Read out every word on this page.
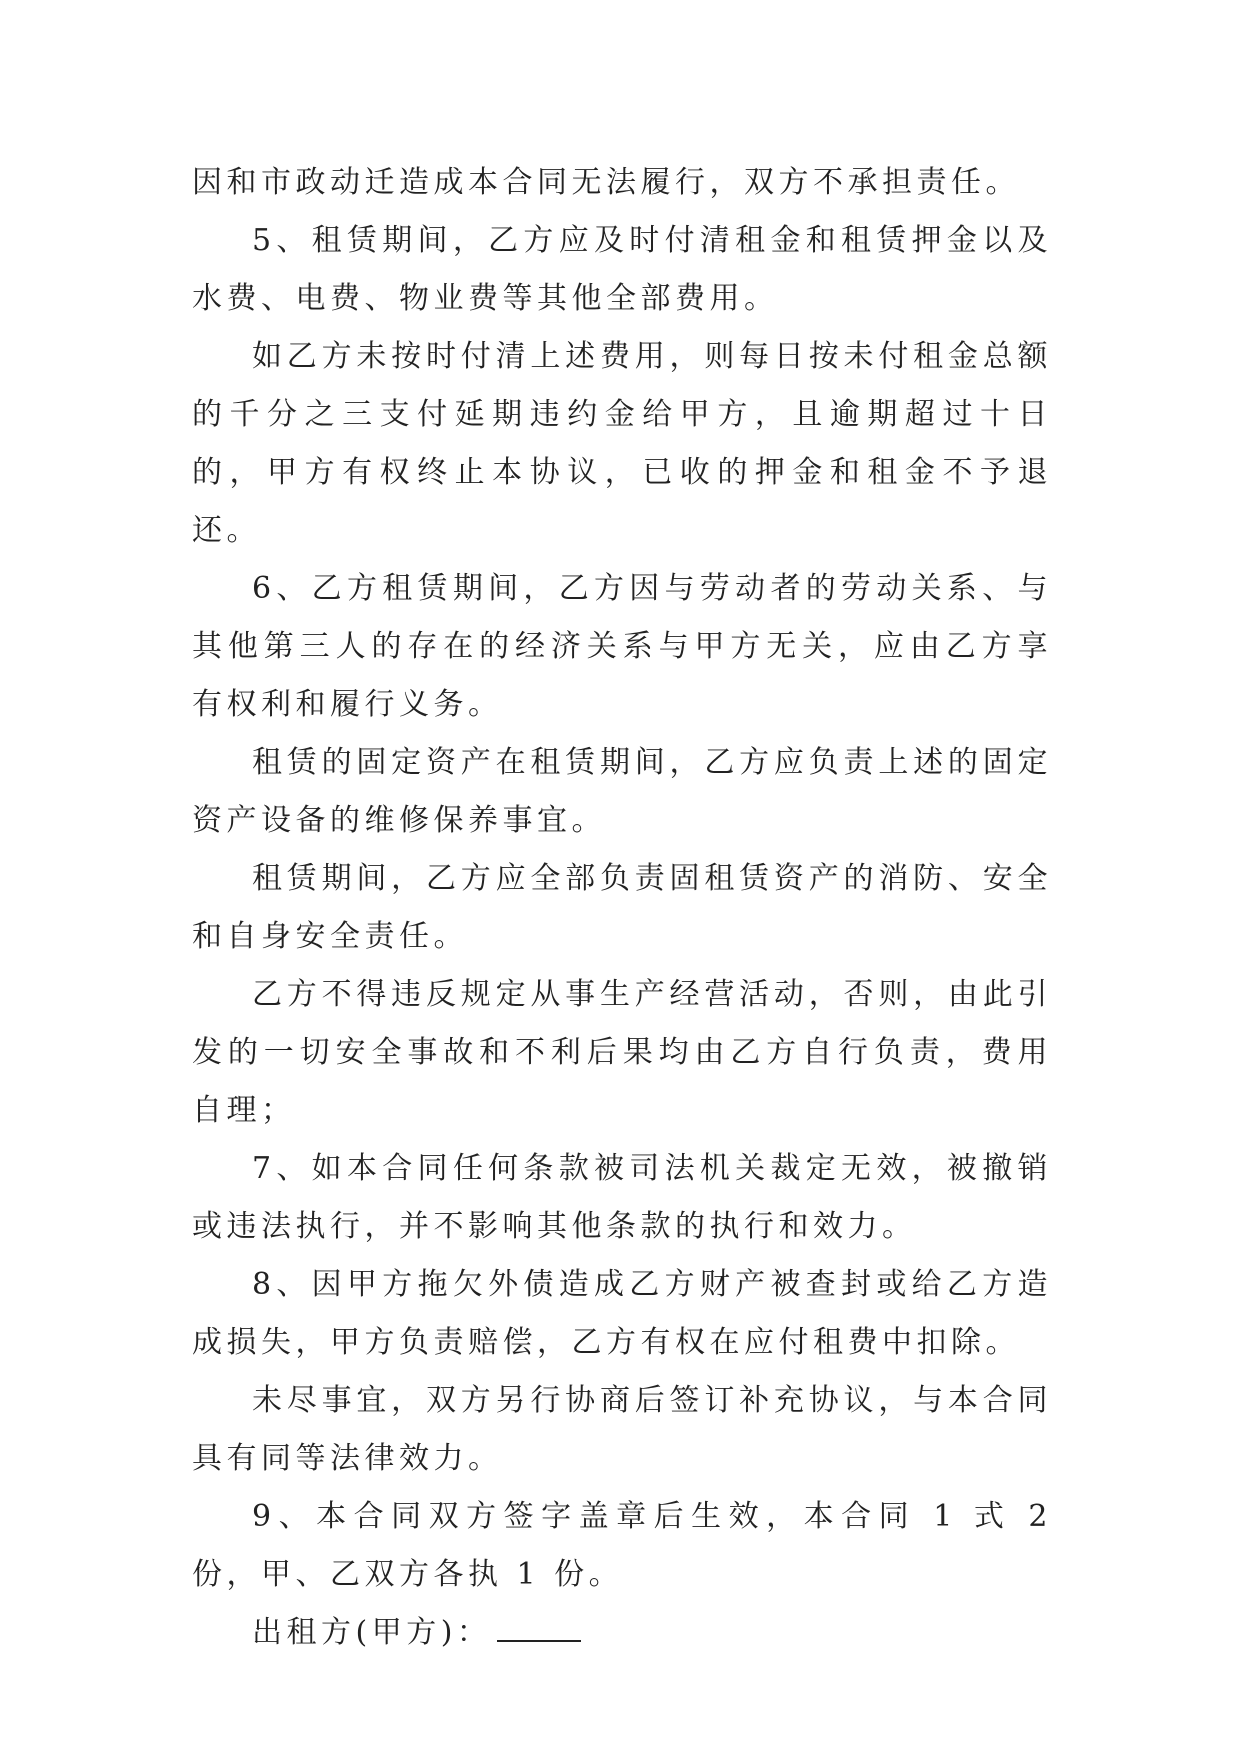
因和市政动迁造成本合同无法履行，双方不承担责任。

5、租赁期间，乙方应及时付清租金和租赁押金以及水费、电费、物业费等其他全部费用。

如乙方未按时付清上述费用，则每日按未付租金总额的千分之三支付延期违约金给甲方，且逾期超过十日的，甲方有权终止本协议，已收的押金和租金不予退还。

6、乙方租赁期间，乙方因与劳动者的劳动关系、与其他第三人的存在的经济关系与甲方无关，应由乙方享有权利和履行义务。

租赁的固定资产在租赁期间，乙方应负责上述的固定资产设备的维修保养事宜。

租赁期间，乙方应全部负责固租赁资产的消防、安全和自身安全责任。

乙方不得违反规定从事生产经营活动，否则，由此引发的一切安全事故和不利后果均由乙方自行负责，费用自理；

7、如本合同任何条款被司法机关裁定无效，被撤销或违法执行，并不影响其他条款的执行和效力。

8、因甲方拖欠外债造成乙方财产被查封或给乙方造成损失，甲方负责赔偿，乙方有权在应付租费中扣除。

未尽事宜，双方另行协商后签订补充协议，与本合同具有同等法律效力。

9、本合同双方签字盖章后生效，本合同 1 式 2 份，甲、乙双方各执 1 份。

出租方(甲方)：
